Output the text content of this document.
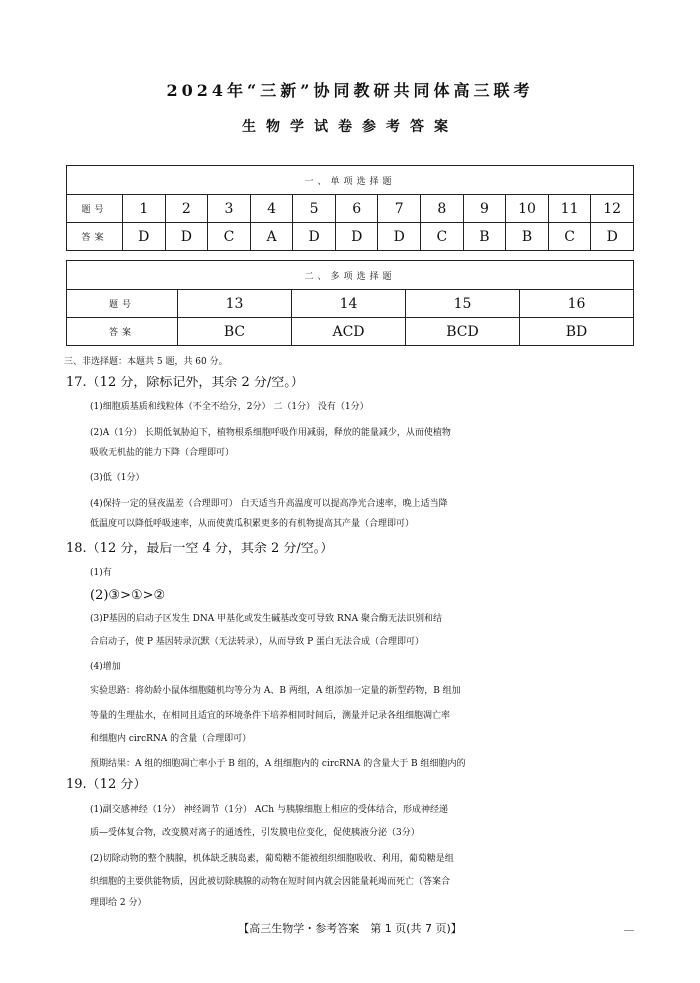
2024年“三新”协同教研共同体高三联考
生物学试卷参考答案
一、单项选择题												
题号	1	2	3	4	5	6	7	8	9	10	11	12
答案	D	D	C	A	D	D	D	C	B	B	C	D
二、多项选择题				
题号	13	14	15	16
答案	BC	ACD	BCD	BD
三、非选择题：本题共 5 题，共 60 分。
17.（12 分，除标记外，其余 2 分/空。）
(1)细胞质基质和线粒体（不全不给分，2分） 二（1分） 没有（1分）
(2)A（1分） 长期低氧胁迫下，植物根系细胞呼吸作用减弱，释放的能量减少，从而使植物
吸收无机盐的能力下降（合理即可）
(3)低（1分）
(4)保持一定的昼夜温差（合理即可） 白天适当升高温度可以提高净光合速率，晚上适当降
低温度可以降低呼吸速率，从而使黄瓜积累更多的有机物提高其产量（合理即可）
18.（12 分，最后一空 4 分，其余 2 分/空。）
(1)有
(2)③>①>②
(3)P基因的启动子区发生 DNA 甲基化或发生碱基改变可导致 RNA 聚合酶无法识别和结
合启动子，使 P 基因转录沉默（无法转录），从而导致 P 蛋白无法合成（合理即可）
(4)增加
实验思路：将幼龄小鼠体细胞随机均等分为 A、B 两组，A 组添加一定量的新型药物，B 组加
等量的生理盐水，在相同且适宜的环境条件下培养相同时间后，测量并记录各组细胞凋亡率
和细胞内 circRNA 的含量（合理即可）
预期结果：A 组的细胞凋亡率小于 B 组的，A 组细胞内的 circRNA 的含量大于 B 组细胞内的
19.（12 分）
(1)副交感神经（1分） 神经调节（1分） ACh 与胰腺细胞上相应的受体结合，形成神经递
质—受体复合物，改变膜对离子的通透性，引发膜电位变化，促使胰液分泌（3分）
(2)切除动物的整个胰腺，机体缺乏胰岛素，葡萄糖不能被组织细胞吸收、利用，葡萄糖是组
织细胞的主要供能物质，因此被切除胰腺的动物在短时间内就会因能量耗竭而死亡（答案合
理即给 2 分）
【高三生物学・参考答案　第 1 页(共 7 页)】
